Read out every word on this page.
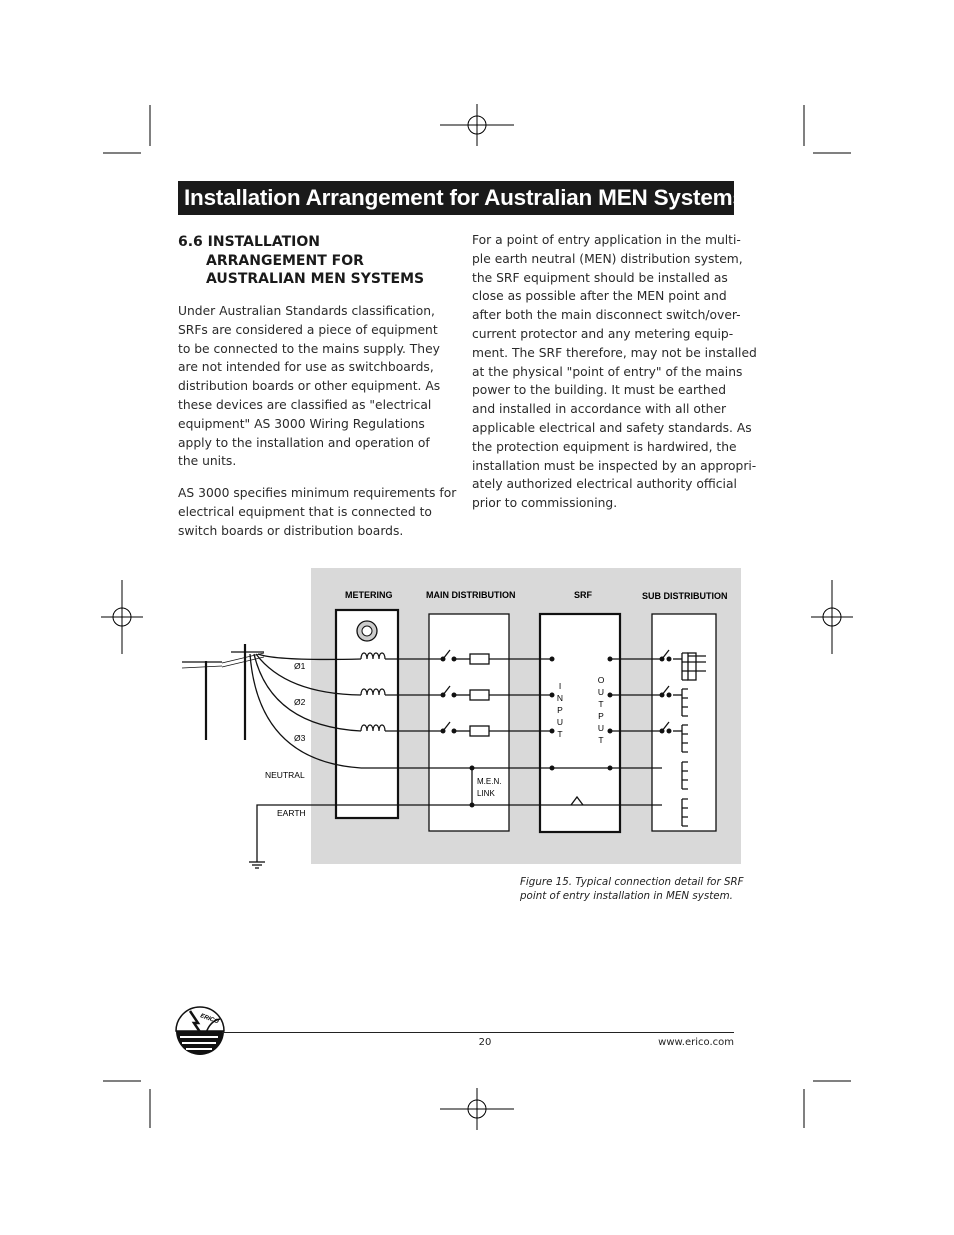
Installation Arrangement for Australian MEN Systems
6.6 INSTALLATION
ARRANGEMENT FOR
AUSTRALIAN MEN SYSTEMS
Under Australian Standards classification,
SRFs are considered a piece of equipment
to be connected to the mains supply. They
are not intended for use as switchboards,
distribution boards or other equipment. As
these devices are classified as "electrical
equipment" AS 3000 Wiring Regulations
apply to the installation and operation of
the units.
AS 3000 specifies minimum requirements for
electrical equipment that is connected to
switch boards or distribution boards.
For a point of entry application in the multi-
ple earth neutral (MEN) distribution system,
the SRF equipment should be installed as
close as possible after the MEN point and
after both the main disconnect switch/over-
current protector and any metering equip-
ment. The SRF therefore, may not be installed
at the physical "point of entry" of the mains
power to the building. It must be earthed
and installed in accordance with all other
applicable electrical and safety standards. As
the protection equipment is hardwired, the
installation must be inspected by an appropri-
ately authorized electrical authority official
prior to commissioning.
METERING	MAIN DISTRIBUTION	SRF	SUB DISTRIBUTION
Ø1
Ø2
Ø3
NEUTRAL
EARTH
M.E.N.
LINK
I
N
P
U
T
O
U
T
P
U
T
Figure 15. Typical connection detail for SRF
point of entry installation in MEN system.
ERICO
20	www.erico.com
